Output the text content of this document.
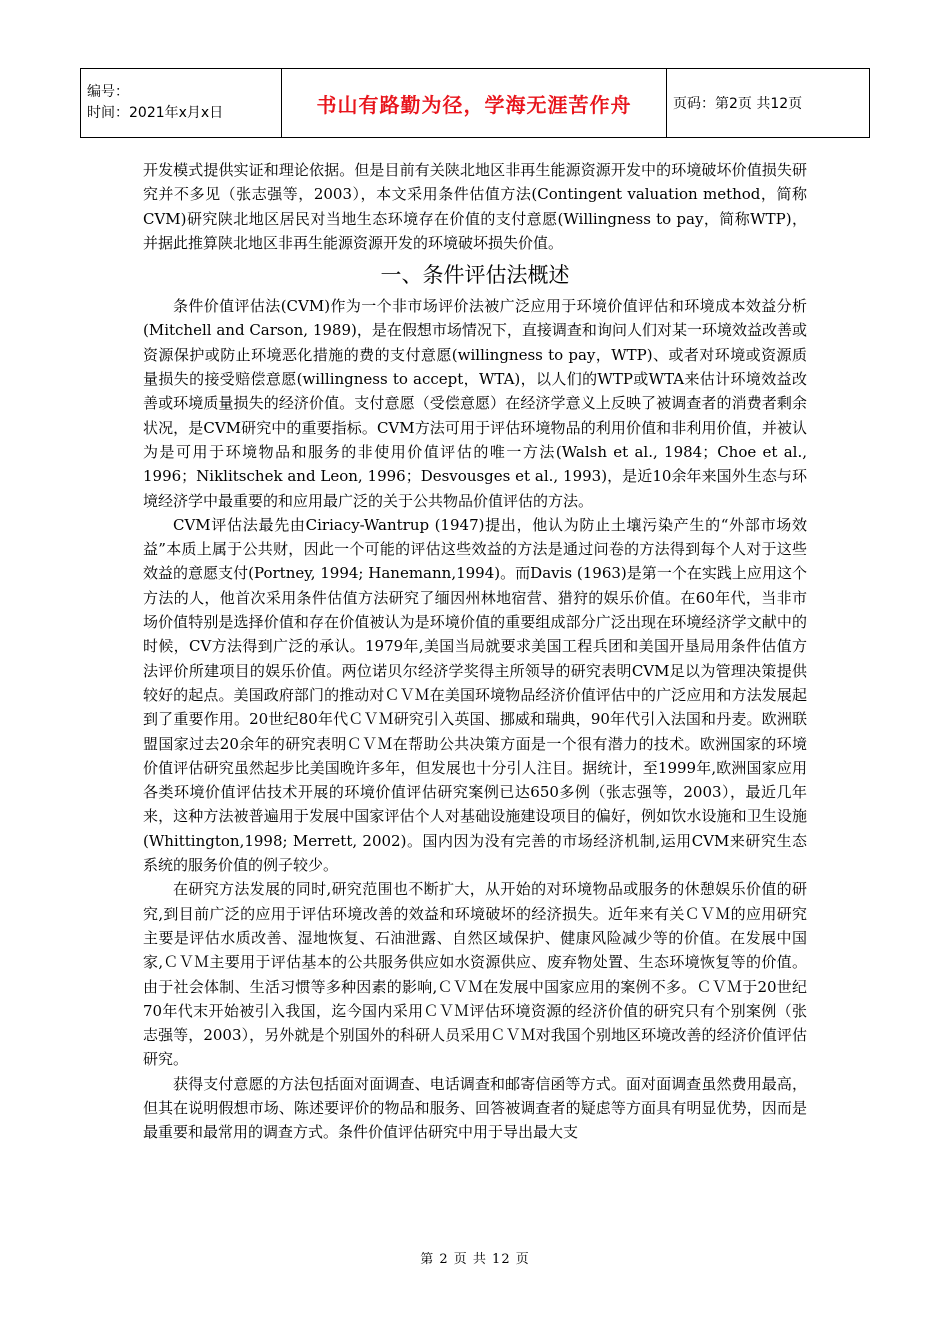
编号：
时间：2021年x月x日	书山有路勤为径，学海无涯苦作舟	页码：第2页 共12页

开发模式提供实证和理论依据。但是目前有关陕北地区非再生能源资源开发中的环境破坏价值损失研究并不多见（张志强等，2003），本文采用条件估值方法(Contingent valuation method，简称CVM)研究陕北地区居民对当地生态环境存在价值的支付意愿(Willingness to pay，简称WTP)，并据此推算陕北地区非再生能源资源开发的环境破坏损失价值。

一、条件评估法概述

条件价值评估法(CVM)作为一个非市场评价法被广泛应用于环境价值评估和环境成本效益分析 (Mitchell and Carson, 1989)，是在假想市场情况下，直接调查和询问人们对某一环境效益改善或资源保护或防止环境恶化措施的费的支付意愿(willingness to pay，WTP)、或者对环境或资源质量损失的接受赔偿意愿(willingness to accept，WTA)，以人们的WTP或WTA来估计环境效益改善或环境质量损失的经济价值。支付意愿（受偿意愿）在经济学意义上反映了被调查者的消费者剩余状况，是CVM研究中的重要指标。CVM方法可用于评估环境物品的利用价值和非利用价值，并被认为是可用于环境物品和服务的非使用价值评估的唯一方法(Walsh et al., 1984；Choe et al., 1996；Niklitschek and Leon, 1996；Desvousges et al., 1993)，是近10余年来国外生态与环境经济学中最重要的和应用最广泛的关于公共物品价值评估的方法。

CVM评估法最先由Ciriacy-Wantrup (1947)提出，他认为防止土壤污染产生的“外部市场效益”本质上属于公共财，因此一个可能的评估这些效益的方法是通过问卷的方法得到每个人对于这些效益的意愿支付(Portney, 1994; Hanemann,1994)。而Davis (1963)是第一个在实践上应用这个方法的人，他首次采用条件估值方法研究了缅因州林地宿营、猎狩的娱乐价值。在60年代，当非市场价值特别是选择价值和存在价值被认为是环境价值的重要组成部分广泛出现在环境经济学文献中的时候，CV方法得到广泛的承认。1979年,美国当局就要求美国工程兵团和美国开垦局用条件估值方法评价所建项目的娱乐价值。两位诺贝尔经济学奖得主所领导的研究表明CVM足以为管理决策提供较好的起点。美国政府部门的推动对ＣＶＭ在美国环境物品经济价值评估中的广泛应用和方法发展起到了重要作用。20世纪80年代ＣＶＭ研究引入英国、挪威和瑞典，90年代引入法国和丹麦。欧洲联盟国家过去20余年的研究表明ＣＶＭ在帮助公共决策方面是一个很有潜力的技术。欧洲国家的环境价值评估研究虽然起步比美国晚许多年，但发展也十分引人注目。据统计，至1999年,欧洲国家应用各类环境价值评估技术开展的环境价值评估研究案例已达650多例（张志强等，2003），最近几年来，这种方法被普遍用于发展中国家评估个人对基础设施建设项目的偏好，例如饮水设施和卫生设施(Whittington,1998; Merrett, 2002)。国内因为没有完善的市场经济机制,运用CVM来研究生态系统的服务价值的例子较少。

在研究方法发展的同时,研究范围也不断扩大，从开始的对环境物品或服务的休憩娱乐价值的研究,到目前广泛的应用于评估环境改善的效益和环境破坏的经济损失。近年来有关ＣＶＭ的应用研究主要是评估水质改善、湿地恢复、石油泄露、自然区域保护、健康风险减少等的价值。在发展中国家,ＣＶＭ主要用于评估基本的公共服务供应如水资源供应、废弃物处置、生态环境恢复等的价值。由于社会体制、生活习惯等多种因素的影响,ＣＶＭ在发展中国家应用的案例不多。ＣＶＭ于20世纪70年代末开始被引入我国，迄今国内采用ＣＶＭ评估环境资源的经济价值的研究只有个别案例（张志强等，2003），另外就是个别国外的科研人员采用ＣＶＭ对我国个别地区环境改善的经济价值评估研究。

获得支付意愿的方法包括面对面调查、电话调查和邮寄信函等方式。面对面调查虽然费用最高，但其在说明假想市场、陈述要评价的物品和服务、回答被调查者的疑虑等方面具有明显优势，因而是最重要和最常用的调查方式。条件价值评估研究中用于导出最大支

第 2 页 共 12 页
